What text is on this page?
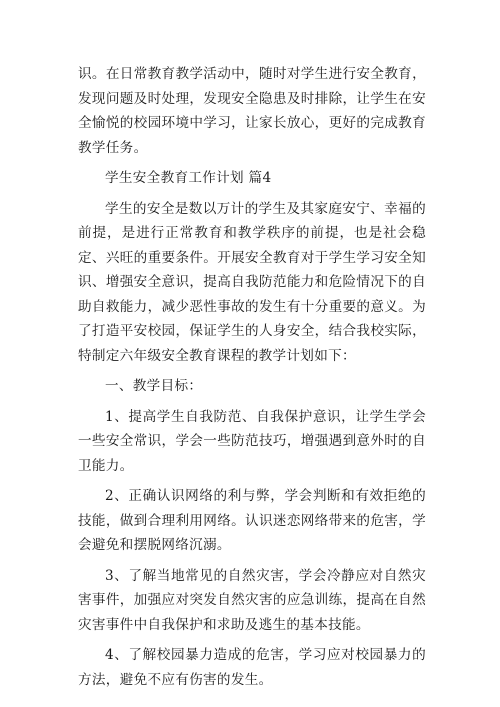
识。在日常教育教学活动中，随时对学生进行安全教育，发现问题及时处理，发现安全隐患及时排除，让学生在安全愉悦的校园环境中学习，让家长放心，更好的完成教育教学任务。

学生安全教育工作计划 篇4

学生的安全是数以万计的学生及其家庭安宁、幸福的前提，是进行正常教育和教学秩序的前提，也是社会稳定、兴旺的重要条件。开展安全教育对于学生学习安全知识、增强安全意识，提高自我防范能力和危险情况下的自助自救能力，减少恶性事故的发生有十分重要的意义。为了打造平安校园，保证学生的人身安全，结合我校实际，特制定六年级安全教育课程的教学计划如下：

一、教学目标：

1、提高学生自我防范、自我保护意识，让学生学会一些安全常识，学会一些防范技巧，增强遇到意外时的自卫能力。

2、正确认识网络的利与弊，学会判断和有效拒绝的技能，做到合理利用网络。认识迷恋网络带来的危害，学会避免和摆脱网络沉溺。

3、了解当地常见的自然灾害，学会冷静应对自然灾害事件，加强应对突发自然灾害的应急训练，提高在自然灾害事件中自我保护和求助及逃生的基本技能。

4、了解校园暴力造成的危害，学习应对校园暴力的方法，避免不应有伤害的发生。
